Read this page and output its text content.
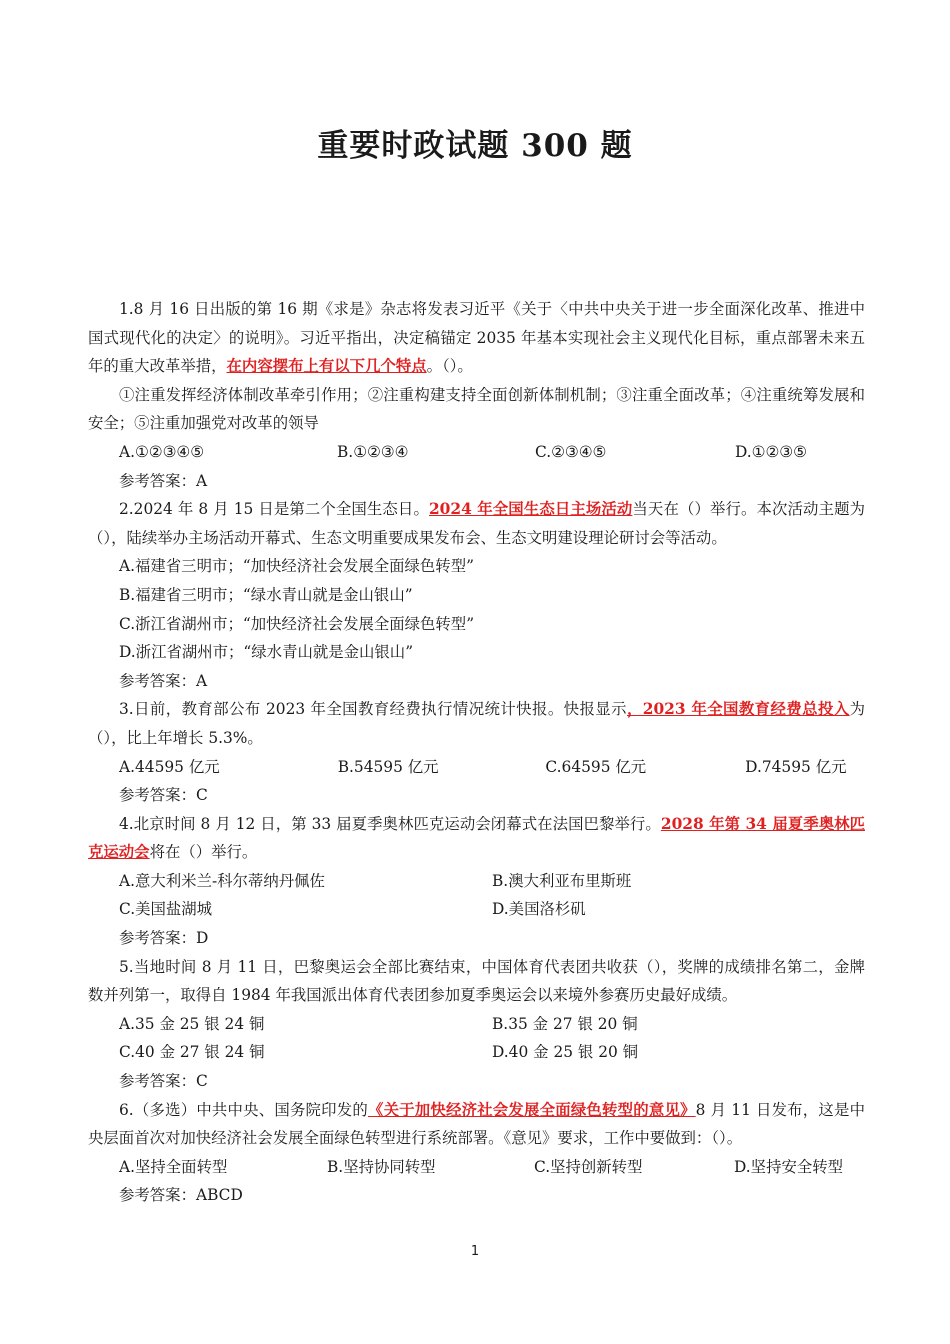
重要时政试题 300 题

1.8 月 16 日出版的第 16 期《求是》杂志将发表习近平《关于〈中共中央关于进一步全面深化改革、推进中国式现代化的决定〉的说明》。习近平指出，决定稿锚定 2035 年基本实现社会主义现代化目标，重点部署未来五年的重大改革举措，在内容摆布上有以下几个特点。（）。

①注重发挥经济体制改革牵引作用；②注重构建支持全面创新体制机制；③注重全面改革；④注重统筹发展和安全；⑤注重加强党对改革的领导

A.①②③④⑤	B.①②③④	C.②③④⑤	D.①②③⑤

参考答案：A

2.2024 年 8 月 15 日是第二个全国生态日。2024 年全国生态日主场活动当天在（）举行。本次活动主题为（），陆续举办主场活动开幕式、生态文明重要成果发布会、生态文明建设理论研讨会等活动。

A.福建省三明市；“加快经济社会发展全面绿色转型”

B.福建省三明市；“绿水青山就是金山银山”

C.浙江省湖州市；“加快经济社会发展全面绿色转型”

D.浙江省湖州市；“绿水青山就是金山银山”

参考答案：A

3.日前，教育部公布 2023 年全国教育经费执行情况统计快报。快报显示，2023 年全国教育经费总投入为（），比上年增长 5.3%。

A.44595 亿元	B.54595 亿元	C.64595 亿元	D.74595 亿元

参考答案：C

4.北京时间 8 月 12 日，第 33 届夏季奥林匹克运动会闭幕式在法国巴黎举行。2028 年第 34 届夏季奥林匹克运动会将在（）举行。

A.意大利米兰-科尔蒂纳丹佩佐	B.澳大利亚布里斯班
C.美国盐湖城	D.美国洛杉矶

参考答案：D

5.当地时间 8 月 11 日，巴黎奥运会全部比赛结束，中国体育代表团共收获（），奖牌的成绩排名第二，金牌数并列第一，取得自 1984 年我国派出体育代表团参加夏季奥运会以来境外参赛历史最好成绩。

A.35 金 25 银 24 铜	B.35 金 27 银 20 铜
C.40 金 27 银 24 铜	D.40 金 25 银 20 铜

参考答案：C

6.（多选）中共中央、国务院印发的《关于加快经济社会发展全面绿色转型的意见》8 月 11 日发布，这是中央层面首次对加快经济社会发展全面绿色转型进行系统部署。《意见》要求，工作中要做到：（）。

A.坚持全面转型	B.坚持协同转型	C.坚持创新转型	D.坚持安全转型

参考答案：ABCD

1
